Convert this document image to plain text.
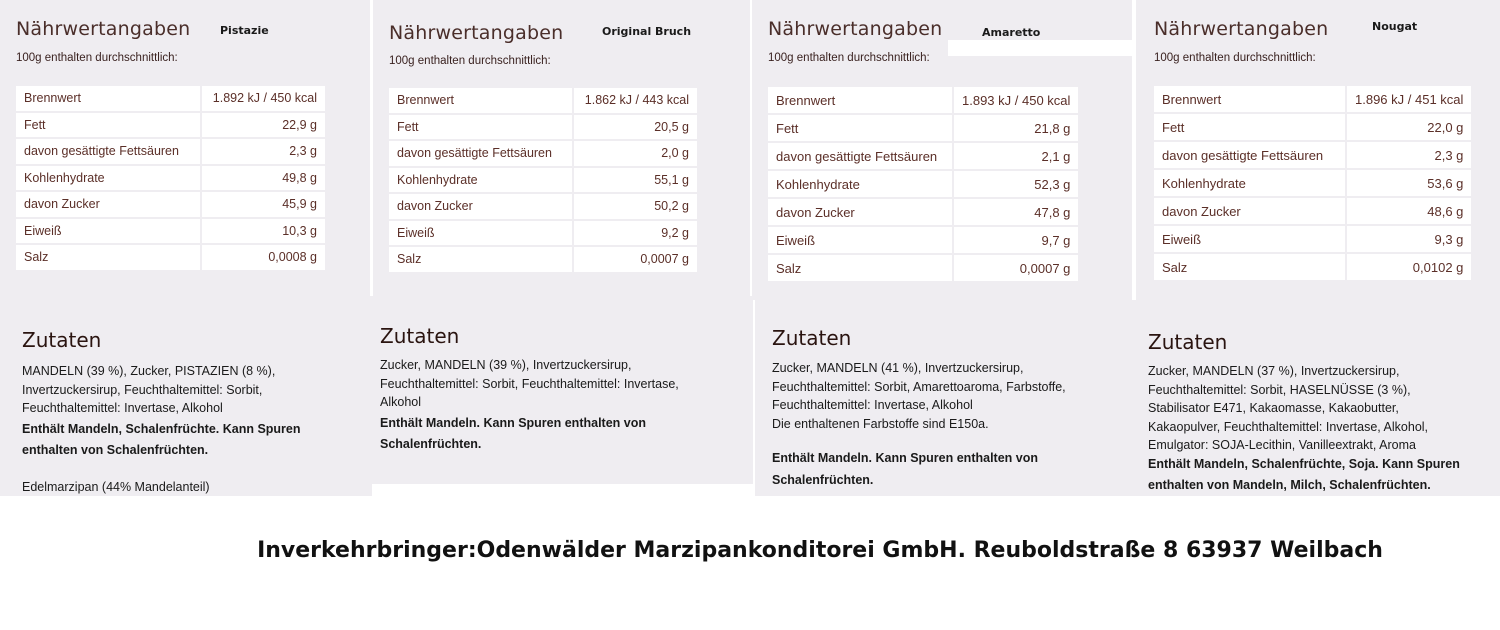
Nährwertangaben	Pistazie
100g enthalten durchschnittlich:
Brennwert	1.892 kJ / 450 kcal
Fett	22,9 g
davon gesättigte Fettsäuren	2,3 g
Kohlenhydrate	49,8 g
davon Zucker	45,9 g
Eiweiß	10,3 g
Salz	0,0008 g
Nährwertangaben	Original Bruch
100g enthalten durchschnittlich:
Brennwert	1.862 kJ / 443 kcal
Fett	20,5 g
davon gesättigte Fettsäuren	2,0 g
Kohlenhydrate	55,1 g
davon Zucker	50,2 g
Eiweiß	9,2 g
Salz	0,0007 g
Nährwertangaben	Amaretto
100g enthalten durchschnittlich:
Brennwert	1.893 kJ / 450 kcal
Fett	21,8 g
davon gesättigte Fettsäuren	2,1 g
Kohlenhydrate	52,3 g
davon Zucker	47,8 g
Eiweiß	9,7 g
Salz	0,0007 g
Nährwertangaben	Nougat
100g enthalten durchschnittlich:
Brennwert	1.896 kJ / 451 kcal
Fett	22,0 g
davon gesättigte Fettsäuren	2,3 g
Kohlenhydrate	53,6 g
davon Zucker	48,6 g
Eiweiß	9,3 g
Salz	0,0102 g
Zutaten
MANDELN (39 %), Zucker, PISTAZIEN (8 %),
Invertzuckersirup, Feuchthaltemittel: Sorbit,
Feuchthaltemittel: Invertase, Alkohol
Enthält Mandeln, Schalenfrüchte. Kann Spuren
enthalten von Schalenfrüchten.
Edelmarzipan (44% Mandelanteil)
Zutaten
Zucker, MANDELN (39 %), Invertzuckersirup,
Feuchthaltemittel: Sorbit, Feuchthaltemittel: Invertase,
Alkohol
Enthält Mandeln. Kann Spuren enthalten von
Schalenfrüchten.
Zutaten
Zucker, MANDELN (41 %), Invertzuckersirup,
Feuchthaltemittel: Sorbit, Amarettoaroma, Farbstoffe,
Feuchthaltemittel: Invertase, Alkohol
Die enthaltenen Farbstoffe sind E150a.
Enthält Mandeln. Kann Spuren enthalten von
Schalenfrüchten.
Zutaten
Zucker, MANDELN (37 %), Invertzuckersirup,
Feuchthaltemittel: Sorbit, HASELNÜSSE (3 %),
Stabilisator E471, Kakaomasse, Kakaobutter,
Kakaopulver, Feuchthaltemittel: Invertase, Alkohol,
Emulgator: SOJA-Lecithin, Vanilleextrakt, Aroma
Enthält Mandeln, Schalenfrüchte, Soja. Kann Spuren
enthalten von Mandeln, Milch, Schalenfrüchten.
Inverkehrbringer:Odenwälder Marzipankonditorei GmbH. Reuboldstraße 8 63937 Weilbach
